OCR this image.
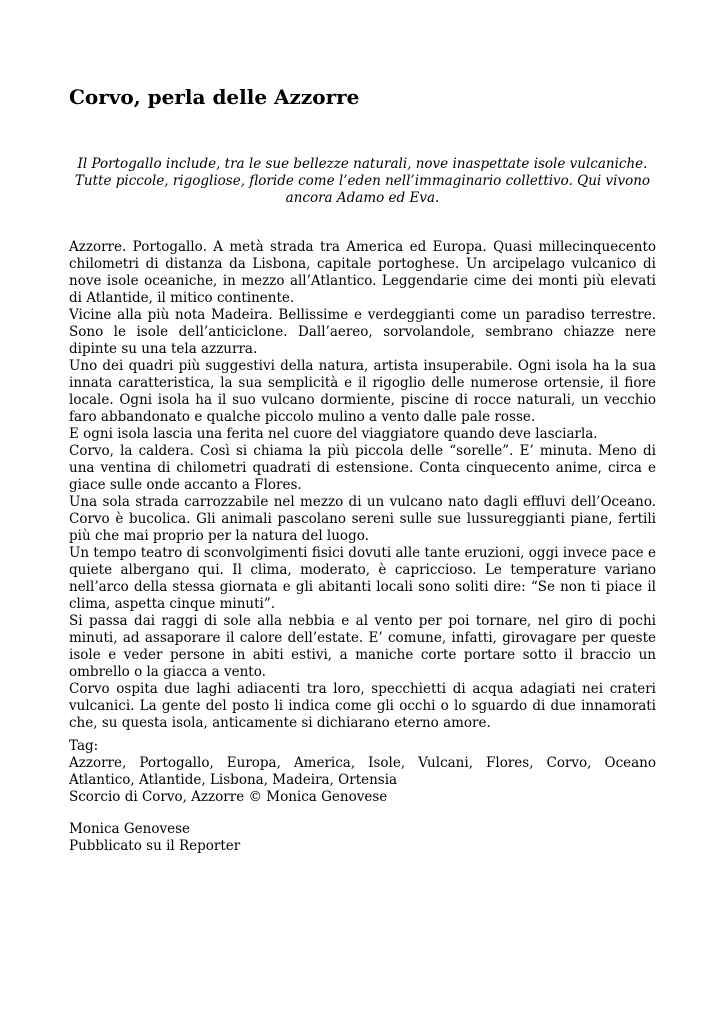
Corvo, perla delle Azzorre

Il Portogallo include, tra le sue bellezze naturali, nove inaspettate isole vulcaniche. Tutte piccole, rigogliose, floride come l’eden nell’immaginario collettivo. Qui vivono ancora Adamo ed Eva.

Azzorre. Portogallo. A metà strada tra America ed Europa. Quasi millecinquecento chilometri di distanza da Lisbona, capitale portoghese. Un arcipelago vulcanico di nove isole oceaniche, in mezzo all’Atlantico. Leggendarie cime dei monti più elevati di Atlantide, il mitico continente.

Vicine alla più nota Madeira. Bellissime e verdeggianti come un paradiso terrestre. Sono le isole dell’anticiclone. Dall’aereo, sorvolandole, sembrano chiazze nere dipinte su una tela azzurra.

Uno dei quadri più suggestivi della natura, artista insuperabile. Ogni isola ha la sua innata caratteristica, la sua semplicità e il rigoglio delle numerose ortensie, il fiore locale. Ogni isola ha il suo vulcano dormiente, piscine di rocce naturali, un vecchio faro abbandonato e qualche piccolo mulino a vento dalle pale rosse.

E ogni isola lascia una ferita nel cuore del viaggiatore quando deve lasciarla.

Corvo, la caldera. Così si chiama la più piccola delle “sorelle”. E’ minuta. Meno di una ventina di chilometri quadrati di estensione. Conta cinquecento anime, circa e giace sulle onde accanto a Flores.

Una sola strada carrozzabile nel mezzo di un vulcano nato dagli effluvi dell’Oceano. Corvo è bucolica. Gli animali pascolano sereni sulle sue lussureggianti piane, fertili più che mai proprio per la natura del luogo.

Un tempo teatro di sconvolgimenti fisici dovuti alle tante eruzioni, oggi invece pace e quiete albergano qui. Il clima, moderato, è capriccioso. Le temperature variano nell’arco della stessa giornata e gli abitanti locali sono soliti dire: “Se non ti piace il clima, aspetta cinque minuti”.

Si passa dai raggi di sole alla nebbia e al vento per poi tornare, nel giro di pochi minuti, ad assaporare il calore dell’estate. E’ comune, infatti, girovagare per queste isole e veder persone in abiti estivi, a maniche corte portare sotto il braccio un ombrello o la giacca a vento.

Corvo ospita due laghi adiacenti tra loro, specchietti di acqua adagiati nei crateri vulcanici. La gente del posto li indica come gli occhi o lo sguardo di due innamorati che, su questa isola, anticamente si dichiarano eterno amore.

Tag:

Azzorre, Portogallo, Europa, America, Isole, Vulcani, Flores, Corvo, Oceano Atlantico, Atlantide, Lisbona, Madeira, Ortensia

Scorcio di Corvo, Azzorre © Monica Genovese

Monica Genovese

Pubblicato su il Reporter
